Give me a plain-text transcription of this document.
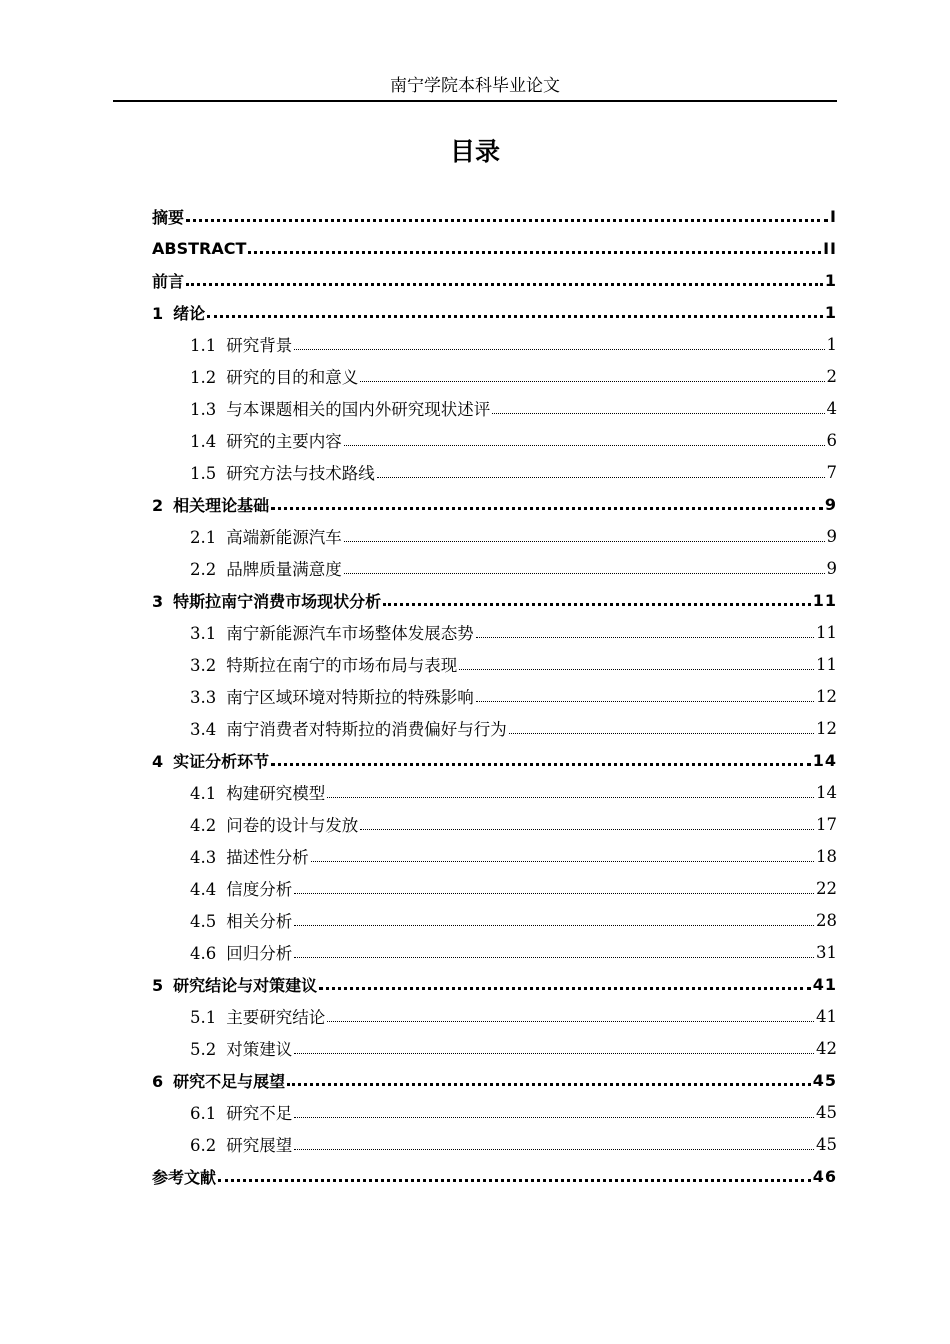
南宁学院本科毕业论文
目录
摘要	I
ABSTRACT	II
前言	1
1 绪论	1
1.1 研究背景	1
1.2 研究的目的和意义	2
1.3 与本课题相关的国内外研究现状述评	4
1.4 研究的主要内容	6
1.5 研究方法与技术路线	7
2 相关理论基础	9
2.1 高端新能源汽车	9
2.2 品牌质量满意度	9
3 特斯拉南宁消费市场现状分析	11
3.1 南宁新能源汽车市场整体发展态势	11
3.2 特斯拉在南宁的市场布局与表现	11
3.3 南宁区域环境对特斯拉的特殊影响	12
3.4 南宁消费者对特斯拉的消费偏好与行为	12
4 实证分析环节	14
4.1 构建研究模型	14
4.2 问卷的设计与发放	17
4.3 描述性分析	18
4.4 信度分析	22
4.5 相关分析	28
4.6 回归分析	31
5 研究结论与对策建议	41
5.1 主要研究结论	41
5.2 对策建议	42
6 研究不足与展望	45
6.1 研究不足	45
6.2 研究展望	45
参考文献	46
